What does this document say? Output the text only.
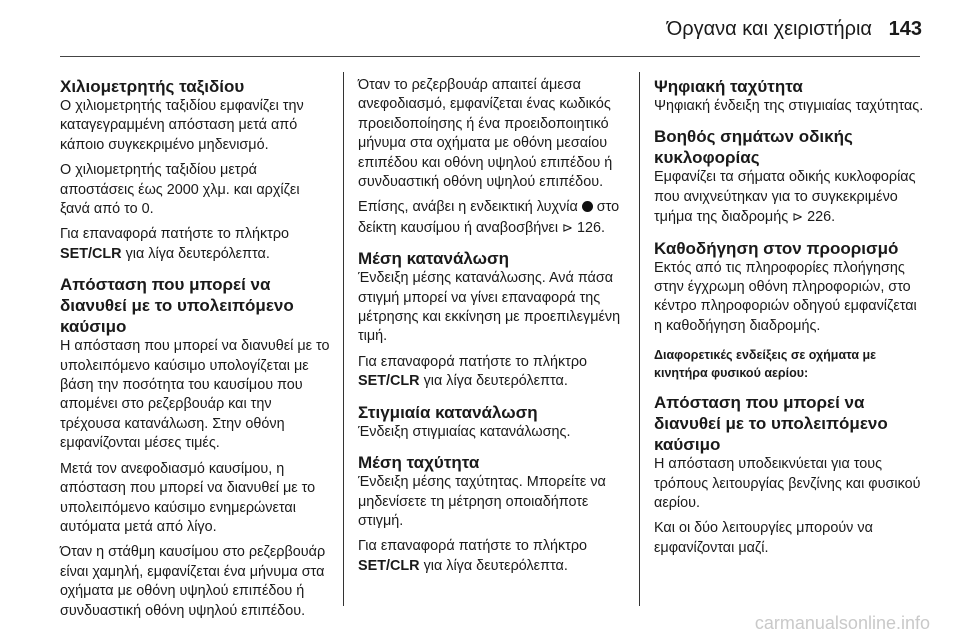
Όργανα και χειριστήρια 143
Χιλιομετρητής ταξιδίου

Ο χιλιομετρητής ταξιδίου εμφανίζει την καταγεγραμμένη απόσταση μετά από κάποιο συγκεκριμένο μηδενισμό.

Ο χιλιομετρητής ταξιδίου μετρά αποστάσεις έως 2000 χλμ. και αρχίζει ξανά από το 0.

Για επαναφορά πατήστε το πλήκτρο SET/CLR για λίγα δευτερόλεπτα.

Απόσταση που μπορεί να διανυθεί με το υπολειπόμενο καύσιμο

Η απόσταση που μπορεί να διανυθεί με το υπολειπόμενο καύσιμο υπολογίζεται με βάση την ποσότητα του καυσίμου που απομένει στο ρεζερβουάρ και την τρέχουσα κατανάλωση. Στην οθόνη εμφανίζονται μέσες τιμές.

Μετά τον ανεφοδιασμό καυσίμου, η απόσταση που μπορεί να διανυθεί με το υπολειπόμενο καύσιμο ενημερώνεται αυτόματα μετά από λίγο.

Όταν η στάθμη καυσίμου στο ρεζερβουάρ είναι χαμηλή, εμφανίζεται ένα μήνυμα στα οχήματα με οθόνη υψηλού επιπέδου ή συνδυαστική οθόνη υψηλού επιπέδου.

Όταν το ρεζερβουάρ απαιτεί άμεσα ανεφοδιασμό, εμφανίζεται ένας κωδικός προειδοποίησης ή ένα προειδοποιητικό μήνυμα στα οχήματα με οθόνη μεσαίου επιπέδου και οθόνη υψηλού επιπέδου ή συνδυαστική οθόνη υψηλού επιπέδου.

Επίσης, ανάβει η ενδεικτική λυχνία στο δείκτη καυσίμου ή αναβοσβήνει ⊳ 126.

Μέση κατανάλωση

Ένδειξη μέσης κατανάλωσης. Ανά πάσα στιγμή μπορεί να γίνει επαναφορά της μέτρησης και εκκίνηση με προεπιλεγμένη τιμή.

Για επαναφορά πατήστε το πλήκτρο SET/CLR για λίγα δευτερόλεπτα.

Στιγμιαία κατανάλωση

Ένδειξη στιγμιαίας κατανάλωσης.

Μέση ταχύτητα

Ένδειξη μέσης ταχύτητας. Μπορείτε να μηδενίσετε τη μέτρηση οποιαδήποτε στιγμή.

Για επαναφορά πατήστε το πλήκτρο SET/CLR για λίγα δευτερόλεπτα.

Ψηφιακή ταχύτητα

Ψηφιακή ένδειξη της στιγμιαίας ταχύτητας.

Βοηθός σημάτων οδικής κυκλοφορίας

Εμφανίζει τα σήματα οδικής κυκλοφορίας που ανιχνεύτηκαν για το συγκεκριμένο τμήμα της διαδρομής ⊳ 226.

Καθοδήγηση στον προορισμό

Εκτός από τις πληροφορίες πλοήγησης στην έγχρωμη οθόνη πληροφοριών, στο κέντρο πληροφοριών οδηγού εμφανίζεται η καθοδήγηση διαδρομής.

Διαφορετικές ενδείξεις σε οχήματα με κινητήρα φυσικού αερίου:
Απόσταση που μπορεί να διανυθεί με το υπολειπόμενο καύσιμο

Η απόσταση υποδεικνύεται για τους τρόπους λειτουργίας βενζίνης και φυσικού αερίου.

Και οι δύο λειτουργίες μπορούν να εμφανίζονται μαζί.

carmanualsonline.info
